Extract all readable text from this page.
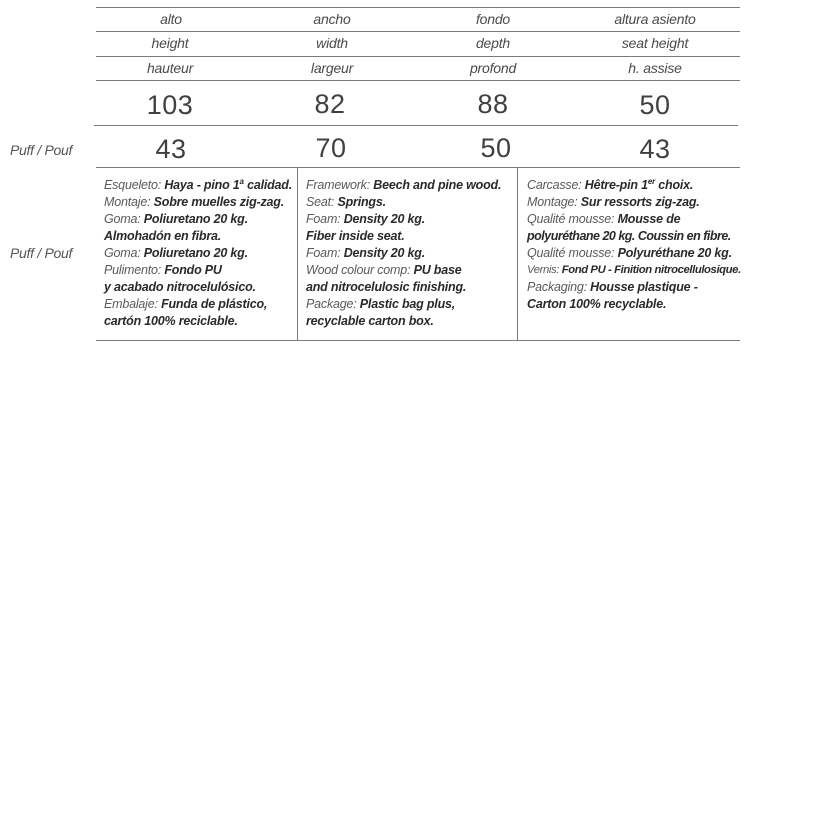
alto	ancho	fondo	altura asiento
height	width	depth	seat height
hauteur	largeur	profond	h. assise
103	82	88	50
Puff / Pouf	43	70	50	43
Puff / Pouf
Esqueleto: Haya - pino 1$^a$ calidad.
Montaje: Sobre muelles zig-zag.
Goma: Poliuretano 20 kg.
Almohadón en fibra.
Goma: Poliuretano 20 kg.
Pulimento: Fondo PU
y acabado nitrocelulósico.
Embalaje: Funda de plástico,
cartón 100% reciclable.
Framework: Beech and pine wood.
Seat: Springs.
Foam: Density 20 kg.
Fiber inside seat.
Foam: Density 20 kg.
Wood colour comp: PU base
and nitrocelulosic finishing.
Package: Plastic bag plus,
recyclable carton box.
Carcasse: Hêtre-pin 1er choix.
Montage: Sur ressorts zig-zag.
Qualité mousse: Mousse de
polyuréthane 20 kg. Coussin en fibre.
Qualité mousse: Polyuréthane 20 kg.
Vernis: Fond PU - Finition nitrocellulosique.
Packaging: Housse plastique -
Carton 100% recyclable.
